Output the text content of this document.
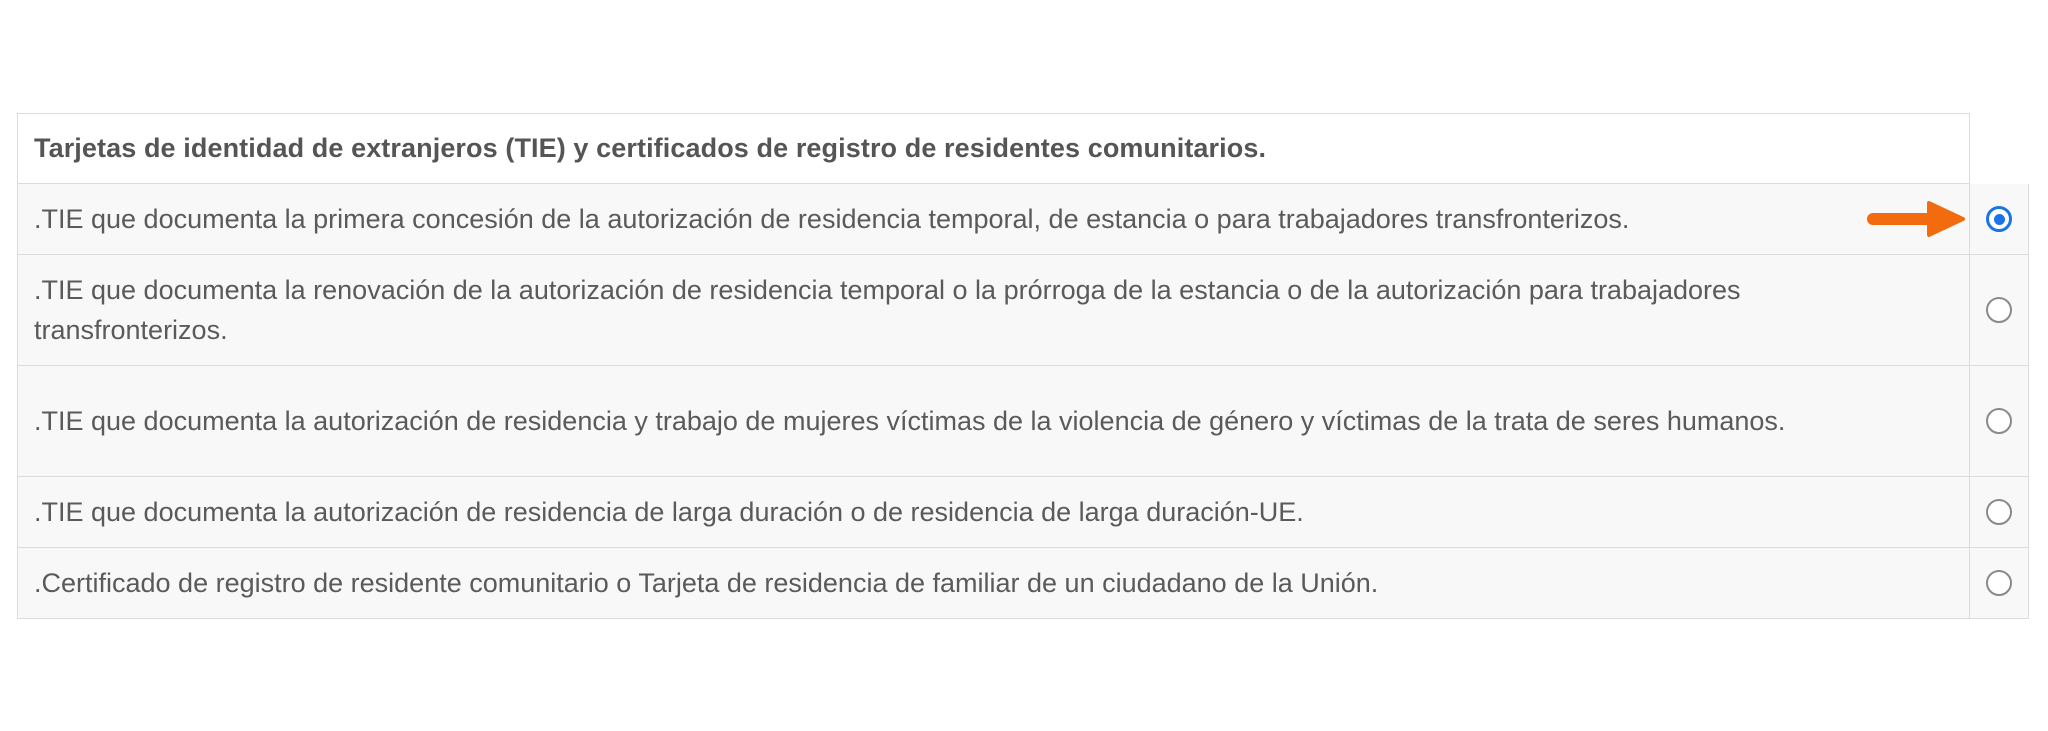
Tarjetas de identidad de extranjeros (TIE) y certificados de registro de residentes comunitarios.
.TIE que documenta la primera concesión de la autorización de residencia temporal, de estancia o para trabajadores transfronterizos.
.TIE que documenta la renovación de la autorización de residencia temporal o la prórroga de la estancia o de la autorización para trabajadores transfronterizos.
.TIE que documenta la autorización de residencia y trabajo de mujeres víctimas de la violencia de género y víctimas de la trata de seres humanos.
.TIE que documenta la autorización de residencia de larga duración o de residencia de larga duración-UE.
.Certificado de registro de residente comunitario o Tarjeta de residencia de familiar de un ciudadano de la Unión.
